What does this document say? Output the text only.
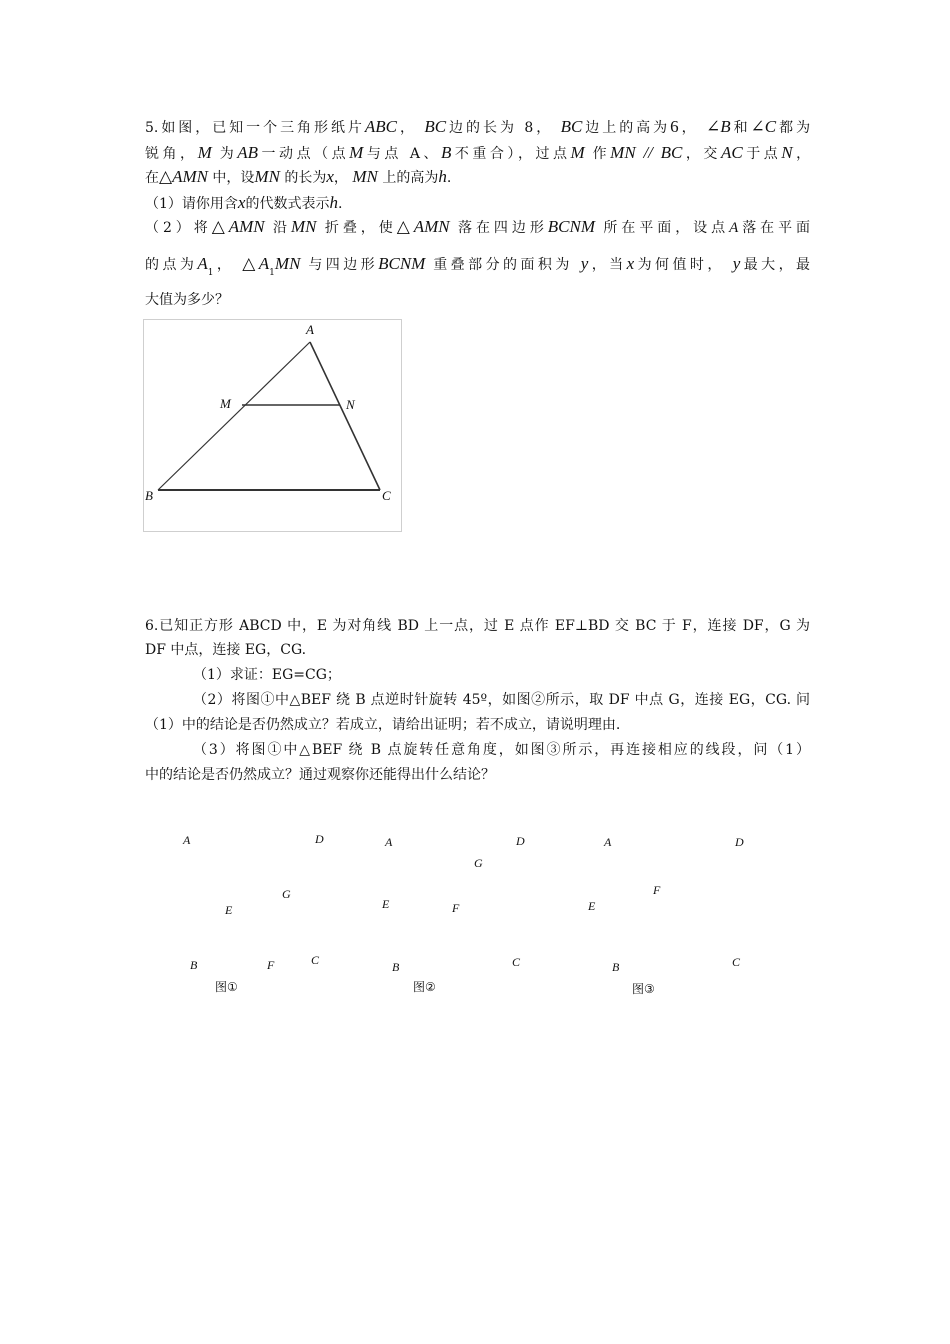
5.如图，已知一个三角形纸片ABC， BC边的长为 8， BC边上的高为6， ∠B和∠C都为
锐角，M 为AB一动点（点M与点 A、B不重合），过点M 作MN // BC，交AC于点N，
在△AMN 中，设MN 的长为x， MN 上的高为h.
（1）请你用含x的代数式表示h.
（2）将△AMN 沿MN 折叠，使△AMN 落在四边形BCNM 所在平面，设点A落在平面
的点为$A_1$， $\triangle A_1MN$ 与四边形BCNM 重叠部分的面积为 y，当x为何值时， y最大，最
大值为多少？
A
M	N
B	C
6.已知正方形 ABCD 中，E 为对角线 BD 上一点，过 E 点作 EF⊥BD 交 BC 于 F，连接 DF，G 为
DF 中点，连接 EG，CG.
（1）求证：EG=CG；
（2）将图①中△BEF 绕 B 点逆时针旋转 45º，如图②所示，取 DF 中点 G，连接 EG，CG. 问
（1）中的结论是否仍然成立？若成立，请给出证明；若不成立，请说明理由.
（3）将图①中△BEF 绕 B 点旋转任意角度，如图③所示，再连接相应的线段，问（1）
中的结论是否仍然成立？通过观察你还能得出什么结论？
A	D
G
E
B	F	C
图①
A	D
G
E	F
B	C
图②
A	D
F
E
B	C
图③
